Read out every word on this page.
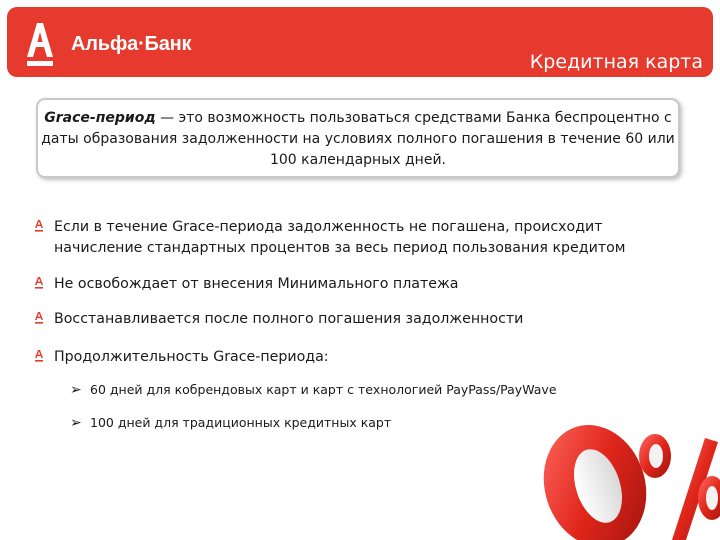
Альфа·Банк
Кредитная карта
Grace-период — это возможность пользоваться средствами Банка беспроцентно с даты образования задолженности на условиях полного погашения в течение 60 или 100 календарных дней.
Если в течение Grace-периода задолженность не погашена, происходит начисление стандартных процентов за весь период пользования кредитом
Не освобождает от внесения Минимального платежа
Восстанавливается после полного погашения задолженности
Продолжительность Grace-периода:
➢ 60 дней для кобрендовых карт и карт с технологией PayPass/PayWave
➢ 100 дней для традиционных кредитных карт
